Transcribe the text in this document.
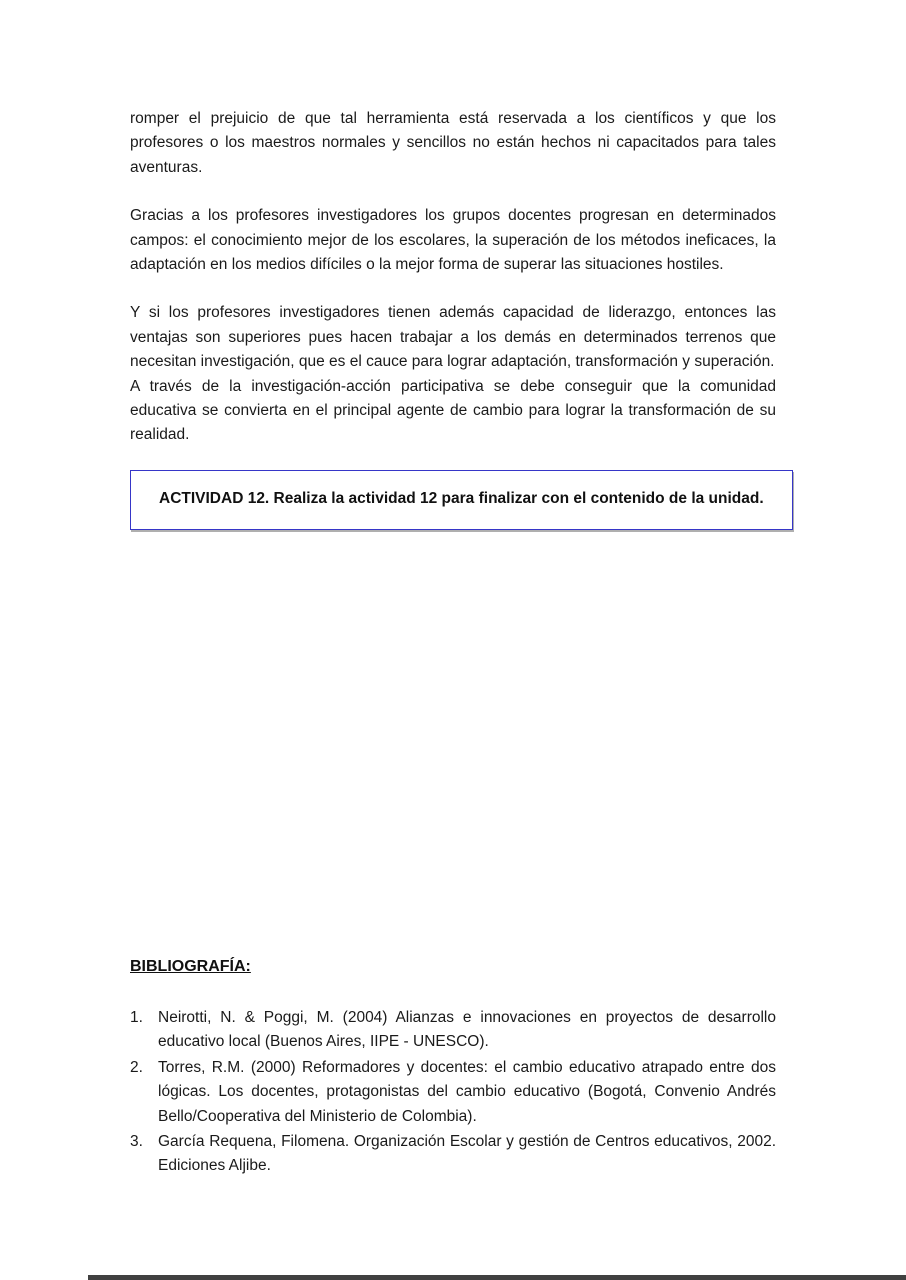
romper el prejuicio de que tal herramienta está reservada a los científicos y que los profesores o los maestros normales y sencillos no están hechos ni capacitados para tales aventuras.

Gracias a los profesores investigadores los grupos docentes progresan en determinados campos: el conocimiento mejor de los escolares, la superación de los métodos ineficaces, la adaptación en los medios difíciles o la mejor forma de superar las situaciones hostiles.

Y si los profesores investigadores tienen además capacidad de liderazgo, entonces las ventajas son superiores pues hacen trabajar a los demás en determinados terrenos que necesitan investigación, que es el cauce para lograr adaptación, transformación y superación.

A través de la investigación-acción participativa se debe conseguir que la comunidad educativa se convierta en el principal agente de cambio para lograr la transformación de su realidad.

ACTIVIDAD 12. Realiza la actividad 12 para finalizar con el contenido de la unidad.
BIBLIOGRAFÍA:
1. Neirotti, N. & Poggi, M. (2004) Alianzas e innovaciones en proyectos de desarrollo educativo local (Buenos Aires, IIPE - UNESCO).
2. Torres, R.M. (2000) Reformadores y docentes: el cambio educativo atrapado entre dos lógicas. Los docentes, protagonistas del cambio educativo (Bogotá, Convenio Andrés Bello/Cooperativa del Ministerio de Colombia).
3. García Requena, Filomena. Organización Escolar y gestión de Centros educativos, 2002. Ediciones Aljibe.
